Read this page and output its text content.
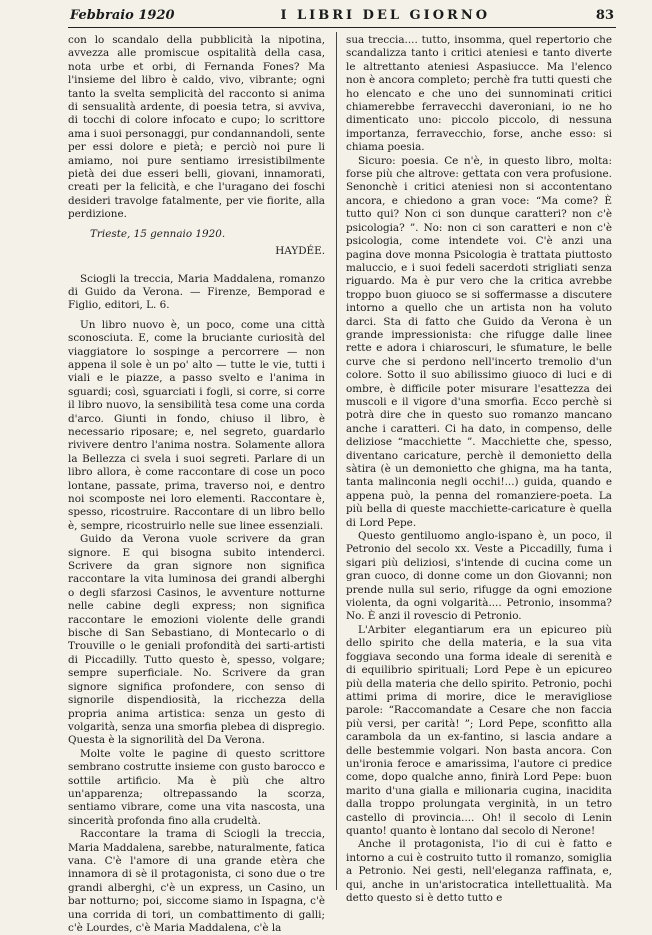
Febbraio 1920	I LIBRI DEL GIORNO	83

con lo scandalo della pubblicità la nipotina, avvezza alle promiscue ospitalità della casa, nota urbe et orbi, di Fernanda Fones? Ma l'insieme del libro è caldo, vivo, vibrante; ogni tanto la svelta semplicità del racconto si anima di sensualità ardente, di poesia tetra, si avviva, di tocchi di colore infocato e cupo; lo scrittore ama i suoi personaggi, pur condannandoli, sente per essi dolore e pietà; e perciò noi pure li amiamo, noi pure sentiamo irresistibilmente pietà dei due esseri belli, giovani, innamorati, creati per la felicità, e che l'uragano dei foschi desideri travolge fatalmente, per vie fiorite, alla perdizione.

Trieste, 15 gennaio 1920.
HAYDÉE.

Sciogli la treccia, Maria Maddalena, romanzo di Guido da Verona. — Firenze, Bemporad e Figlio, editori, L. 6.

Un libro nuovo è, un poco, come una città sconosciuta. E, come la bruciante curiosità del viaggiatore lo sospinge a percorrere — non appena il sole è un po' alto — tutte le vie, tutti i viali e le piazze, a passo svelto e l'anima in sguardi; così, sguarciati i fogli, si corre, si corre il libro nuovo, la sensibilità tesa come una corda d'arco. Giunti in fondo, chiuso il libro, è necessario riposare; e, nel segreto, guardarlo rivivere dentro l'anima nostra. Solamente allora la Bellezza ci svela i suoi segreti. Parlare di un libro allora, è come raccontare di cose un poco lontane, passate, prima, traverso noi, e dentro noi scomposte nei loro elementi. Raccontare è, spesso, ricostruire. Raccontare di un libro bello è, sempre, ricostruirlo nelle sue linee essenziali.

Guido da Verona vuole scrivere da gran signore. E qui bisogna subito intenderci. Scrivere da gran signore non significa raccontare la vita luminosa dei grandi alberghi o degli sfarzosi Casinos, le avventure notturne nelle cabine degli express; non significa raccontare le emozioni violente delle grandi bische di San Sebastiano, di Montecarlo o di Trouville o le geniali profondità dei sarti-artisti di Piccadilly. Tutto questo è, spesso, volgare; sempre superficiale. No. Scrivere da gran signore significa profondere, con senso di signorile dispendiosità, la ricchezza della propria anima artistica: senza un gesto di volgarità, senza una smorfia plebea di dispregio. Questa è la signorilità del Da Verona.

Molte volte le pagine di questo scrittore sembrano costrutte insieme con gusto barocco e sottile artificio. Ma è più che altro un'apparenza; oltrepassando la scorza, sentiamo vibrare, come una vita nascosta, una sincerità profonda fino alla crudeltà.

Raccontare la trama di Sciogli la treccia, Maria Maddalena, sarebbe, naturalmente, fatica vana. C'è l'amore di una grande etèra che innamora di sè il protagonista, ci sono due o tre grandi alberghi, c'è un express, un Casino, un bar notturno; poi, siccome siamo in Ispagna, c'è una corrida di tori, un combattimento di galli; c'è Lourdes, c'è Maria Maddalena, c'è la

sua treccia.... tutto, insomma, quel repertorio che scandalizza tanto i critici ateniesi e tanto diverte le altrettanto ateniesi Aspasiucce. Ma l'elenco non è ancora completo; perchè fra tutti questi che ho elencato e che uno dei sunnominati critici chiamerebbe ferravecchi daveroniani, io ne ho dimenticato uno: piccolo piccolo, di nessuna importanza, ferravecchio, forse, anche esso: si chiama poesia.

Sicuro: poesia. Ce n'è, in questo libro, molta: forse più che altrove: gettata con vera profusione. Senonchè i critici ateniesi non si accontentano ancora, e chiedono a gran voce: “Ma come? È tutto qui? Non ci son dunque caratteri? non c'è psicologia? ”. No: non ci son caratteri e non c'è psicologia, come intendete voi. C'è anzi una pagina dove monna Psicologia è trattata piuttosto maluccio, e i suoi fedeli sacerdoti strigliati senza riguardo. Ma è pur vero che la critica avrebbe troppo buon giuoco se si soffermasse a discutere intorno a quello che un artista non ha voluto darci. Sta di fatto che Guido da Verona è un grande impressionista: che rifugge dalle linee rette e adora i chiaroscuri, le sfumature, le belle curve che si perdono nell'incerto tremolio d'un colore. Sotto il suo abilissimo giuoco di luci e di ombre, è difficile poter misurare l'esattezza dei muscoli e il vigore d'una smorfia. Ecco perchè si potrà dire che in questo suo romanzo mancano anche i caratteri. Ci ha dato, in compenso, delle deliziose “macchiette ”. Macchiette che, spesso, diventano caricature, perchè il demonietto della sàtira (è un demonietto che ghigna, ma ha tanta, tanta malinconia negli occhi!...) guida, quando e appena può, la penna del romanziere-poeta. La più bella di queste macchiette-caricature è quella di Lord Pepe.

Questo gentiluomo anglo-ispano è, un poco, il Petronio del secolo xx. Veste a Piccadilly, fuma i sigari più deliziosi, s'intende di cucina come un gran cuoco, di donne come un don Giovanni; non prende nulla sul serio, rifugge da ogni emozione violenta, da ogni volgarità.... Petronio, insomma? No. È anzi il rovescio di Petronio.

L'Arbiter elegantiarum era un epicureo più dello spirito che della materia, e la sua vita foggiava secondo una forma ideale di serenità e di equilibrio spirituali; Lord Pepe è un epicureo più della materia che dello spirito. Petronio, pochi attimi prima di morire, dice le meravigliose parole: “Raccomandate a Cesare che non faccia più versi, per carità! ”; Lord Pepe, sconfitto alla carambola da un ex-fantino, si lascia andare a delle bestemmie volgari. Non basta ancora. Con un'ironia feroce e amarissima, l'autore ci predice come, dopo qualche anno, finirà Lord Pepe: buon marito d'una gialla e milionaria cugina, inacidita dalla troppo prolungata verginità, in un tetro castello di provincia.... Oh! il secolo di Lenin quanto! quanto è lontano dal secolo di Nerone!

Anche il protagonista, l'io di cui è fatto e intorno a cui è costruito tutto il romanzo, somiglia a Petronio. Nei gesti, nell'eleganza raffinata, e, qui, anche in un'aristocratica intellettualità. Ma detto questo si è detto tutto e
